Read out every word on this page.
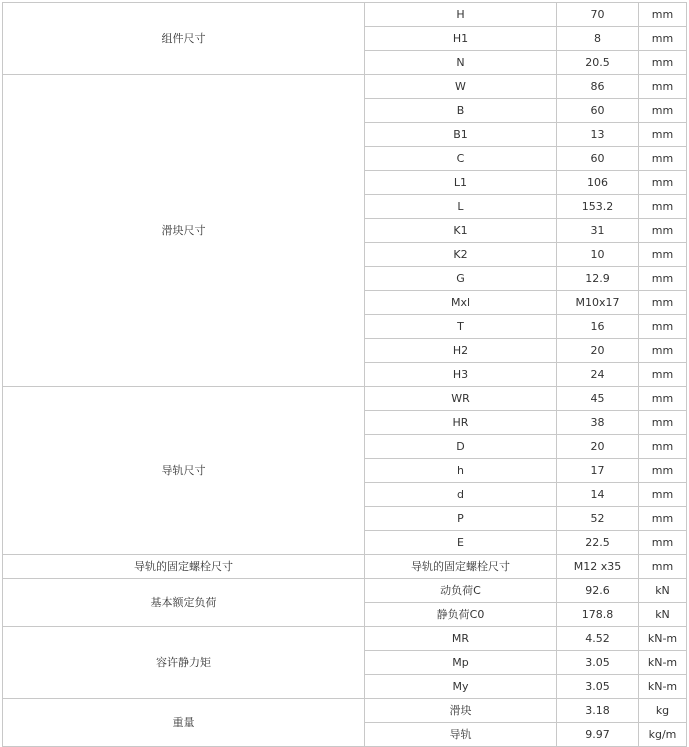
组件尺寸	H	70	mm
	H1	8	mm
	N	20.5	mm
滑块尺寸	W	86	mm
	B	60	mm
	B1	13	mm
	C	60	mm
	L1	106	mm
	L	153.2	mm
	K1	31	mm
	K2	10	mm
	G	12.9	mm
	Mxl	M10x17	mm
	T	16	mm
	H2	20	mm
	H3	24	mm
导轨尺寸	WR	45	mm
	HR	38	mm
	D	20	mm
	h	17	mm
	d	14	mm
	P	52	mm
	E	22.5	mm
导轨的固定螺栓尺寸	导轨的固定螺栓尺寸	M12 x35	mm
基本额定负荷	动负荷C	92.6	kN
	静负荷C0	178.8	kN
容许静力矩	MR	4.52	kN-m
	Mp	3.05	kN-m
	My	3.05	kN-m
重量	滑块	3.18	kg
	导轨	9.97	kg/m
